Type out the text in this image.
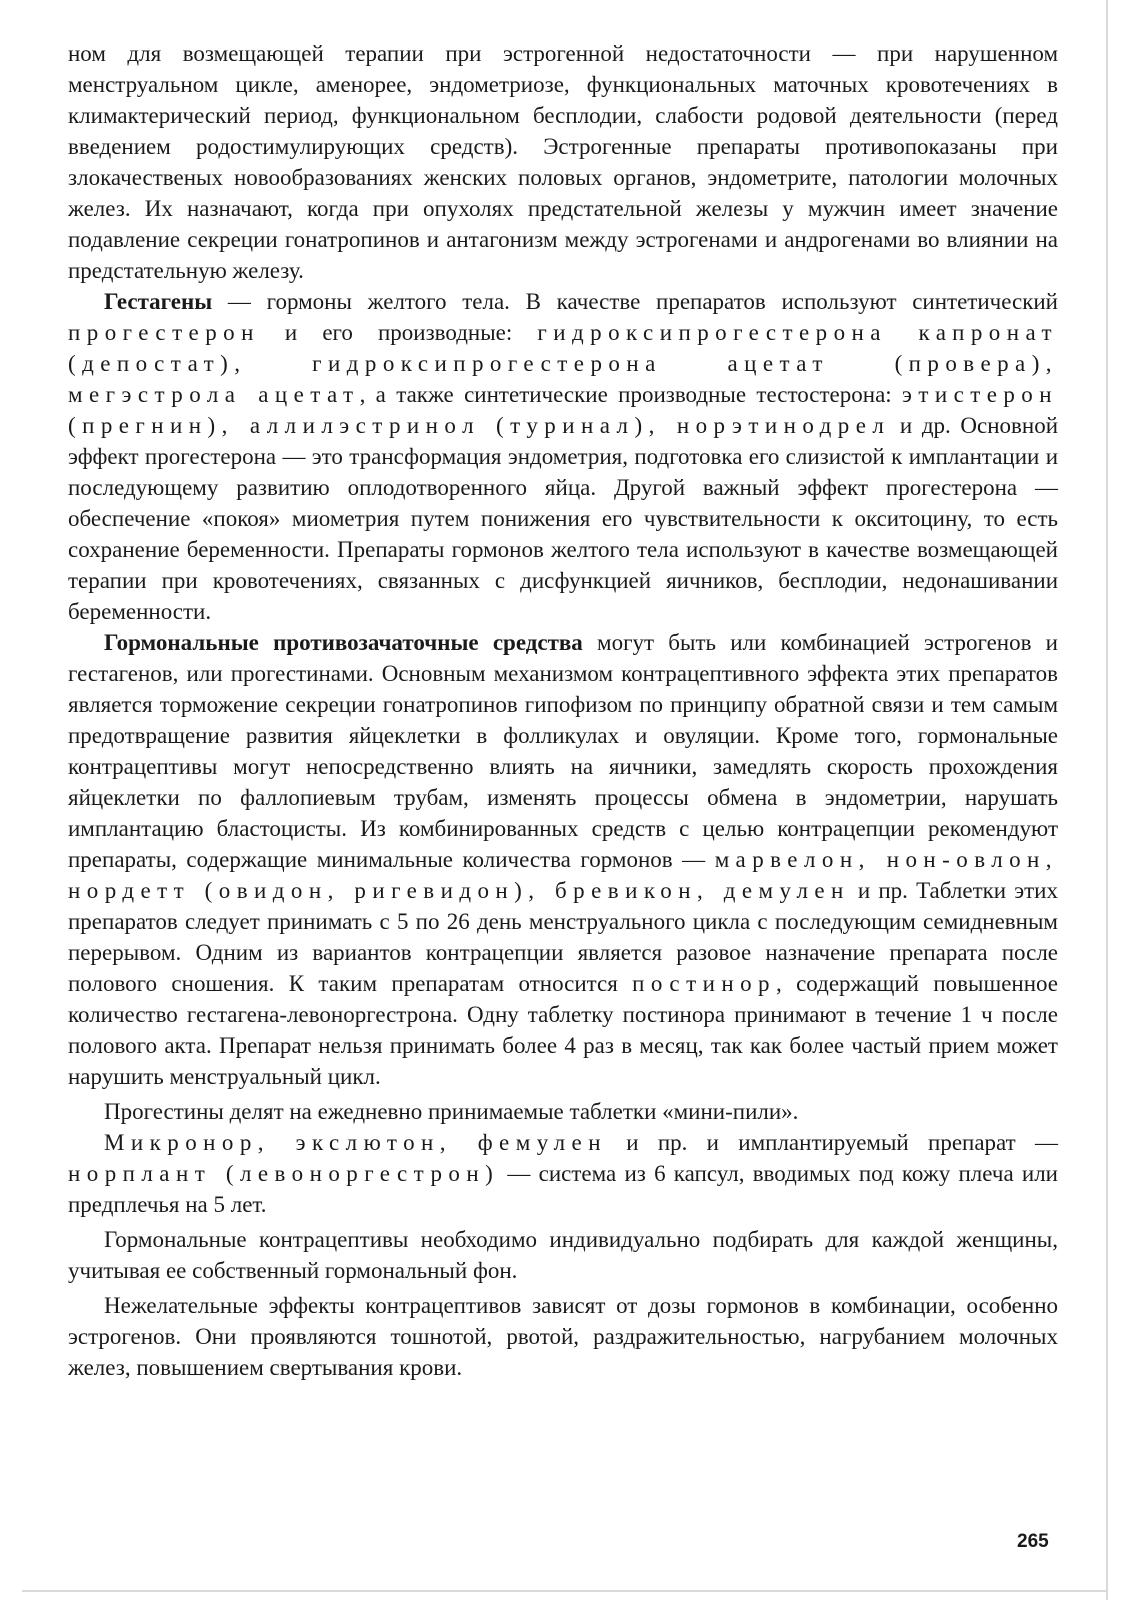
ном для возмещающей терапии при эстрогенной недостаточности — при нарушенном менструальном цикле, аменорее, эндометриозе, функциональных маточных кровотечениях в климактерический период, функциональном бесплодии, слабости родовой деятельности (перед введением родостимулирующих средств). Эстрогенные препараты противопоказаны при злокачественых новообразованиях женских половых органов, эндометрите, патологии молочных желез. Их назначают, когда при опухолях предстательной железы у мужчин имеет значение подавление секреции гонатропинов и антагонизм между эстрогенами и андрогенами во влиянии на предстательную железу.

Гестагены — гормоны желтого тела. В качестве препаратов используют синтетический прогестерон и его производные: гидроксипрогестерона капронат (депостат), гидроксипрогестерона ацетат (провера), мегэстрола ацетат, а также синтетические производные тестостерона: этистерон (прегнин), аллилэстринол (туринал), норэтинодрел и др. Основной эффект прогестерона — это трансформация эндометрия, подготовка его слизистой к имплантации и последующему развитию оплодотворенного яйца. Другой важный эффект прогестерона — обеспечение «покоя» миометрия путем понижения его чувствительности к окситоцину, то есть сохранение беременности. Препараты гормонов желтого тела используют в качестве возмещающей терапии при кровотечениях, связанных с дисфункцией яичников, бесплодии, недонашивании беременности.

Гормональные противозачаточные средства могут быть или комбинацией эстрогенов и гестагенов, или прогестинами. Основным механизмом контрацептивного эффекта этих препаратов является торможение секреции гонатропинов гипофизом по принципу обратной связи и тем самым предотвращение развития яйцеклетки в фолликулах и овуляции. Кроме того, гормональные контрацептивы могут непосредственно влиять на яичники, замедлять скорость прохождения яйцеклетки по фаллопиевым трубам, изменять процессы обмена в эндометрии, нарушать имплантацию бластоцисты. Из комбинированных средств с целью контрацепции рекомендуют препараты, содержащие минимальные количества гормонов — марвелон, нон-овлон, нордетт (овидон, ригевидон), бревикон, демулен и пр. Таблетки этих препаратов следует принимать с 5 по 26 день менструального цикла с последующим семидневным перерывом. Одним из вариантов контрацепции является разовое назначение препарата после полового сношения. К таким препаратам относится постинор, содержащий повышенное количество гестагена-левоноргестрона. Одну таблетку постинора принимают в течение 1 ч после полового акта. Препарат нельзя принимать более 4 раз в месяц, так как более частый прием может нарушить менструальный цикл.

Прогестины делят на ежедневно принимаемые таблетки «мини-пили».

Микронор, экслютон, фемулен и пр. и имплантируемый препарат — норплант (левоноргестрон) — система из 6 капсул, вводимых под кожу плеча или предплечья на 5 лет.

Гормональные контрацептивы необходимо индивидуально подбирать для каждой женщины, учитывая ее собственный гормональный фон.

Нежелательные эффекты контрацептивов зависят от дозы гормонов в комбинации, особенно эстрогенов. Они проявляются тошнотой, рвотой, раздражительностью, нагрубанием молочных желез, повышением свертывания крови.

265
